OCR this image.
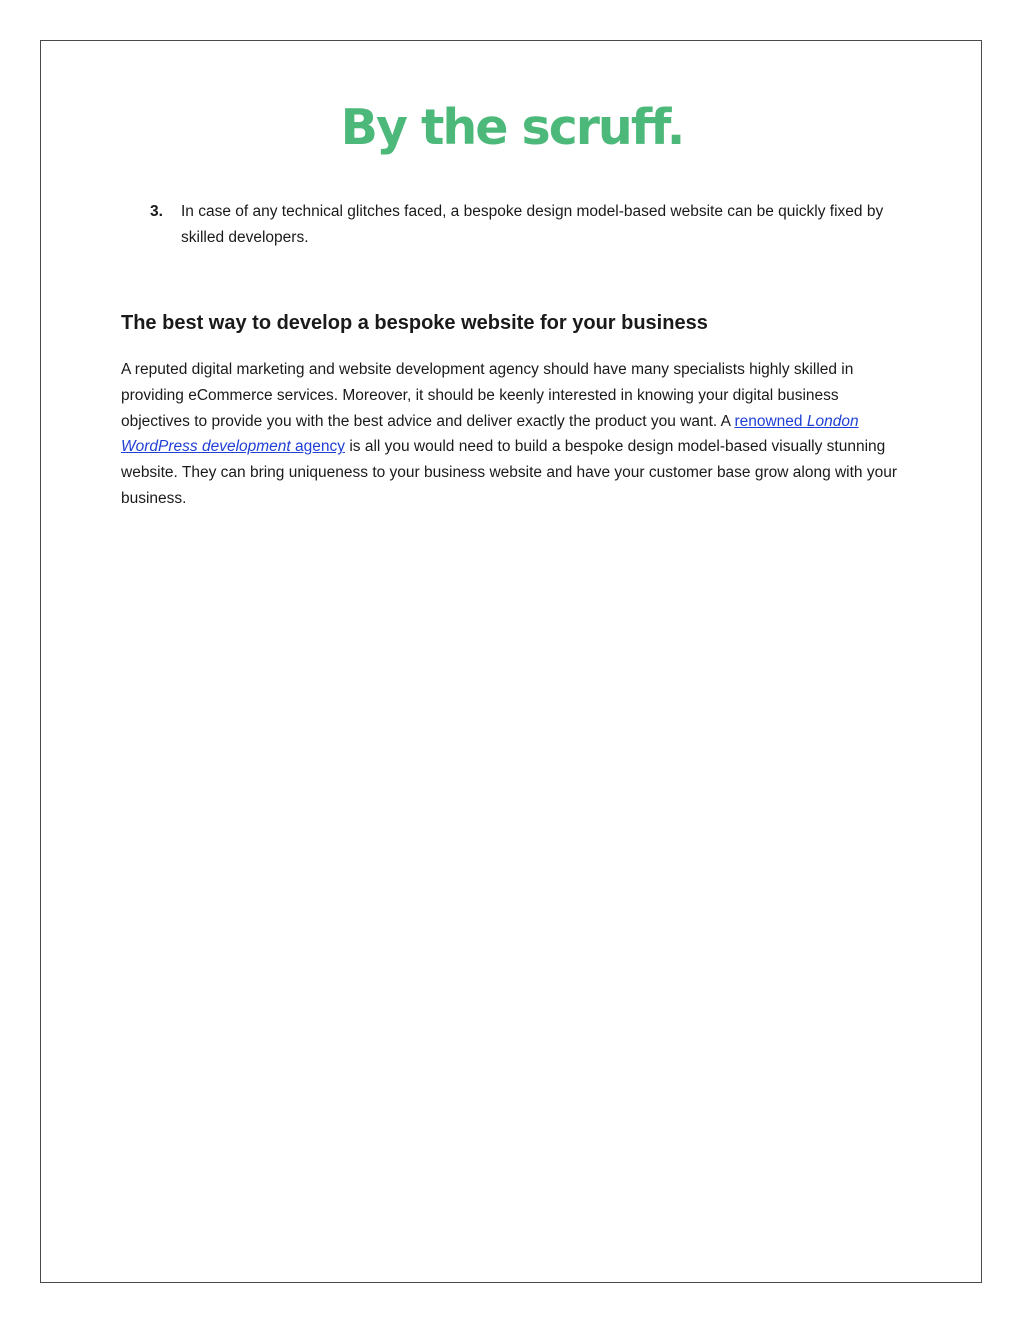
By the scruff.
3. In case of any technical glitches faced, a bespoke design model-based website can be quickly fixed by skilled developers.
The best way to develop a bespoke website for your business

A reputed digital marketing and website development agency should have many specialists highly skilled in providing eCommerce services. Moreover, it should be keenly interested in knowing your digital business objectives to provide you with the best advice and deliver exactly the product you want. A renowned London WordPress development agency is all you would need to build a bespoke design model-based visually stunning website. They can bring uniqueness to your business website and have your customer base grow along with your business.
